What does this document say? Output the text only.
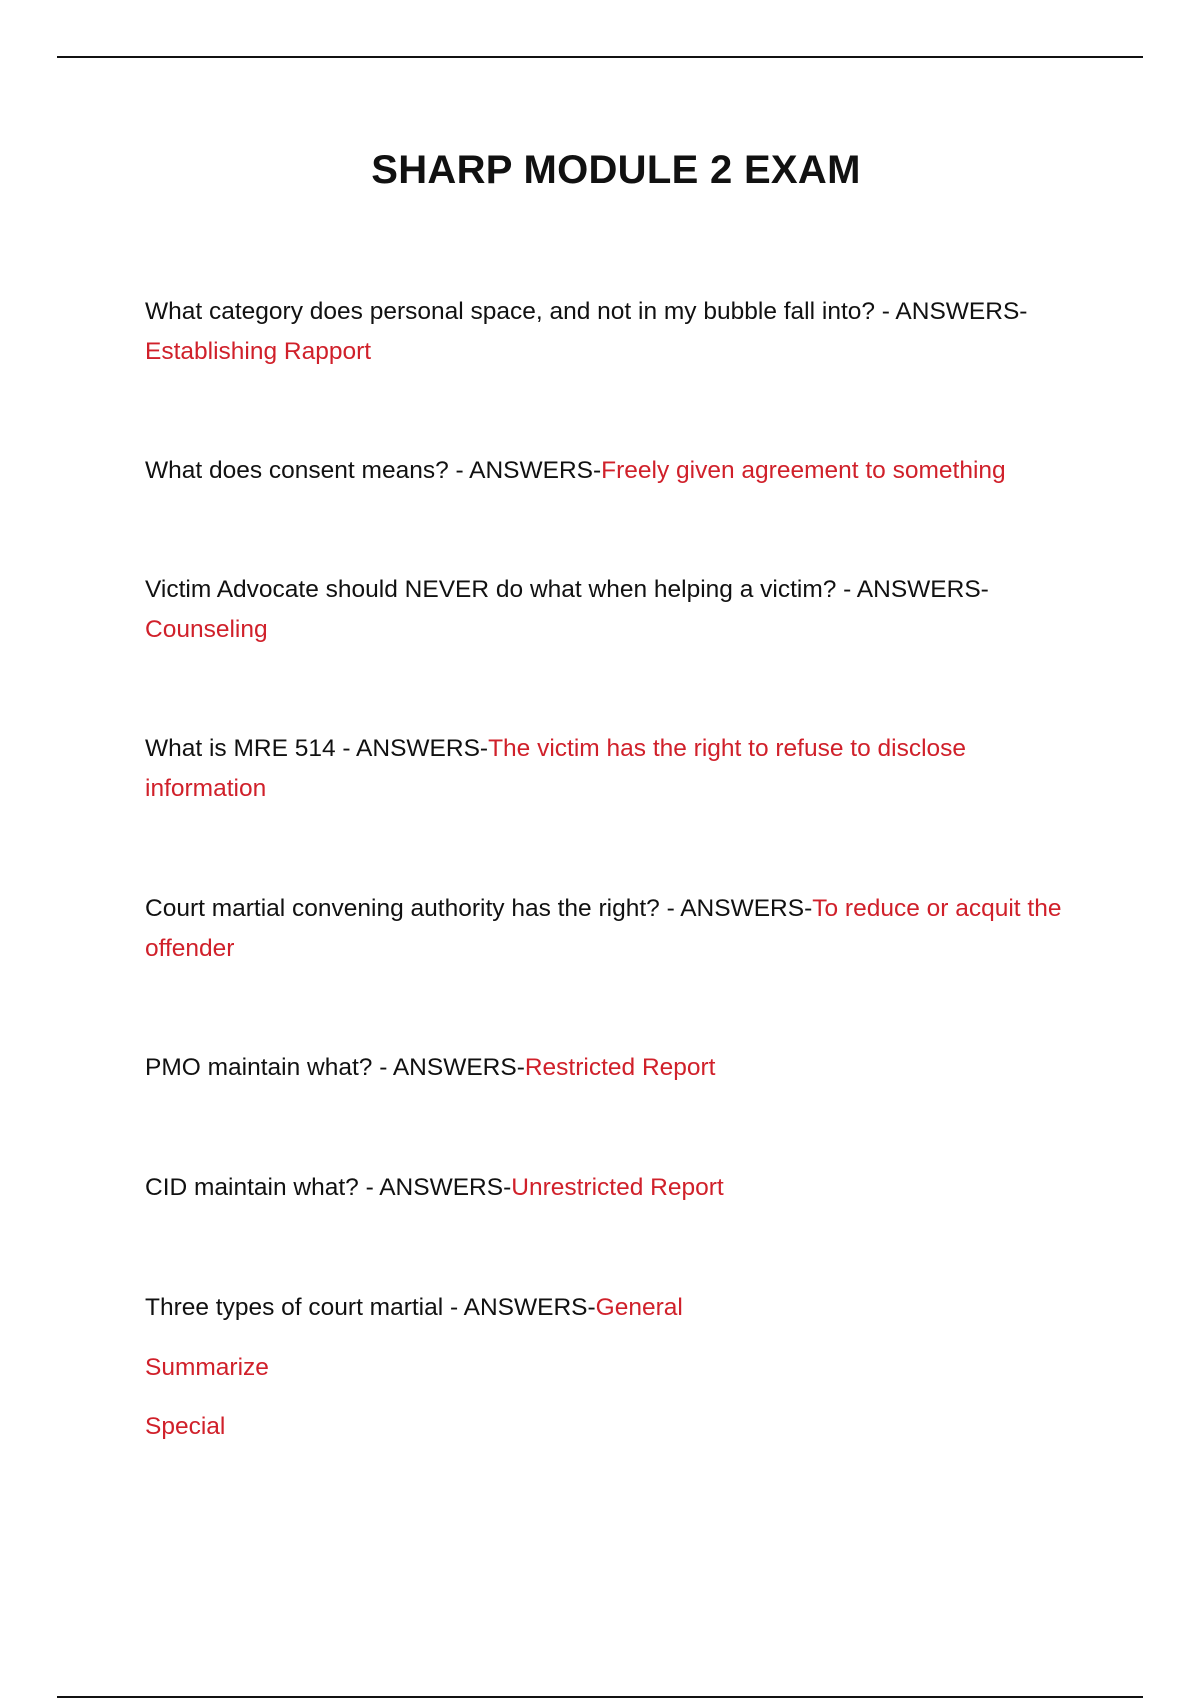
SHARP MODULE 2 EXAM
What category does personal space, and not in my bubble fall into? - ANSWERS-Establishing Rapport
What does consent means? - ANSWERS-Freely given agreement to something
Victim Advocate should NEVER do what when helping a victim? - ANSWERS-Counseling
What is MRE 514 - ANSWERS-The victim has the right to refuse to disclose information
Court martial convening authority has the right? - ANSWERS-To reduce or acquit the offender
PMO maintain what? - ANSWERS-Restricted Report
CID maintain what? - ANSWERS-Unrestricted Report
Three types of court martial - ANSWERS-General
Summarize
Special
